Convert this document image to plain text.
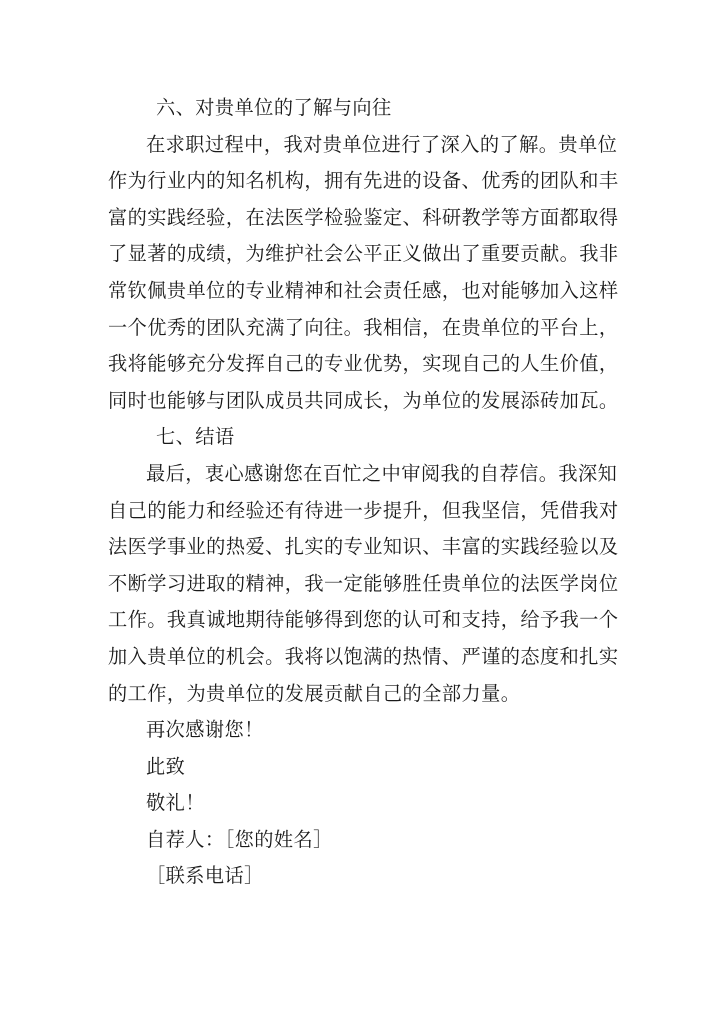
六、对贵单位的了解与向往
在求职过程中，我对贵单位进行了深入的了解。贵单位
作为行业内的知名机构，拥有先进的设备、优秀的团队和丰
富的实践经验，在法医学检验鉴定、科研教学等方面都取得
了显著的成绩，为维护社会公平正义做出了重要贡献。我非
常钦佩贵单位的专业精神和社会责任感，也对能够加入这样
一个优秀的团队充满了向往。我相信，在贵单位的平台上，
我将能够充分发挥自己的专业优势，实现自己的人生价值，
同时也能够与团队成员共同成长，为单位的发展添砖加瓦。
七、结语
最后，衷心感谢您在百忙之中审阅我的自荐信。我深知
自己的能力和经验还有待进一步提升，但我坚信，凭借我对
法医学事业的热爱、扎实的专业知识、丰富的实践经验以及
不断学习进取的精神，我一定能够胜任贵单位的法医学岗位
工作。我真诚地期待能够得到您的认可和支持，给予我一个
加入贵单位的机会。我将以饱满的热情、严谨的态度和扎实
的工作，为贵单位的发展贡献自己的全部力量。
再次感谢您！
此致
敬礼！
自荐人：［您的姓名］
［联系电话］
